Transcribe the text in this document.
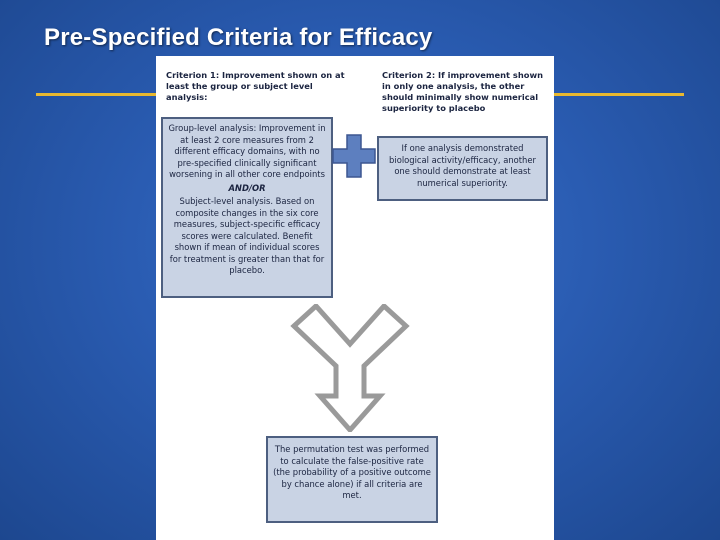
Pre-Specified Criteria for Efficacy
Criterion 1: Improvement shown on at least the group or subject level analysis:
Criterion 2: If improvement shown in only one analysis, the other should minimally show numerical superiority to placebo
Group-level analysis: Improvement in at least 2 core measures from 2 different efficacy domains, with no pre-specified clinically significant worsening in all other core endpoints
AND/OR
Subject-level analysis. Based on composite changes in the six core measures, subject-specific efficacy scores were calculated. Benefit shown if mean of individual scores for treatment is greater than that for placebo.
If one analysis demonstrated biological activity/efficacy, another one should demonstrate at least numerical superiority.
The permutation test was performed to calculate the false-positive rate (the probability of a positive outcome by chance alone) if all criteria are met.
